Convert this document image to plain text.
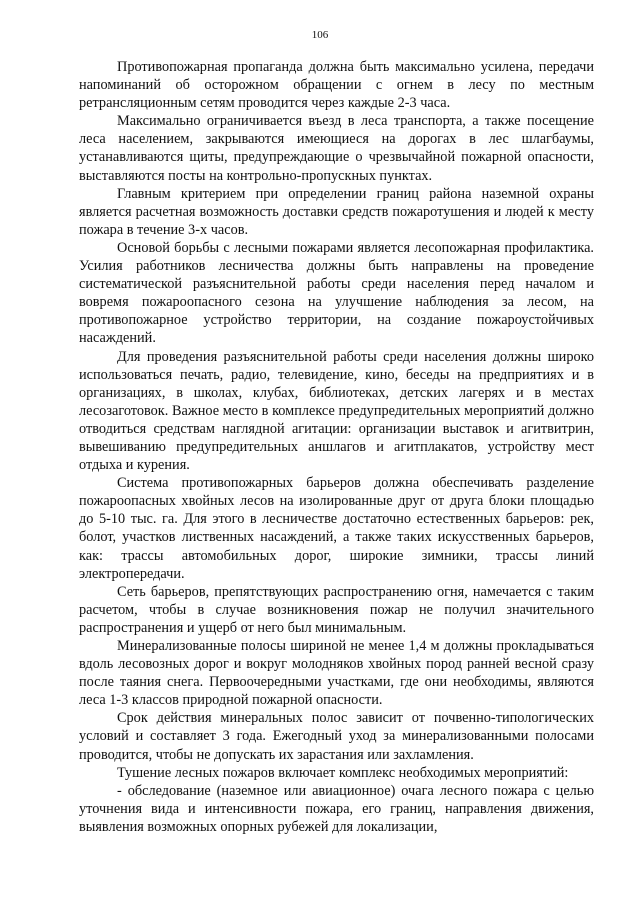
106

Противопожарная пропаганда должна быть максимально усилена, передачи напоминаний об осторожном обращении с огнем в лесу по местным ретрансляционным сетям проводится через каждые 2-3 часа.

Максимально ограничивается въезд в леса транспорта, а также посещение леса населением, закрываются имеющиеся на дорогах в лес шлагбаумы, устанавливаются щиты, предупреждающие о чрезвычайной пожарной опасности, выставляются посты на контрольно-пропускных пунктах.

Главным критерием при определении границ района наземной охраны является расчетная возможность доставки средств пожаротушения и людей к месту пожара в течение 3-х часов.

Основой борьбы с лесными пожарами является лесопожарная профилактика. Усилия работников лесничества должны быть направлены на проведение систематической разъяснительной работы среди населения перед началом и вовремя пожароопасного сезона на улучшение наблюдения за лесом, на противопожарное устройство территории, на создание пожароустойчивых насаждений.

Для проведения разъяснительной работы среди населения должны широко использоваться печать, радио, телевидение, кино, беседы на предприятиях и в организациях, в школах, клубах, библиотеках, детских лагерях и в местах лесозаготовок. Важное место в комплексе предупредительных мероприятий должно отводиться средствам наглядной агитации: организации выставок и агитвитрин, вывешиванию предупредительных аншлагов и агитплакатов, устройству мест отдыха и курения.

Система противопожарных барьеров должна обеспечивать разделение пожароопасных хвойных лесов на изолированные друг от друга блоки площадью до 5-10 тыс. га. Для этого в лесничестве достаточно естественных барьеров: рек, болот, участков лиственных насаждений, а также таких искусственных барьеров, как: трассы автомобильных дорог, широкие зимники, трассы линий электропередачи.

Сеть барьеров, препятствующих распространению огня, намечается с таким расчетом, чтобы в случае возникновения пожар не получил значительного распространения и ущерб от него был минимальным.

Минерализованные полосы шириной не менее 1,4 м должны прокладываться вдоль лесовозных дорог и вокруг молодняков хвойных пород ранней весной сразу после таяния снега. Первоочередными участками, где они необходимы, являются леса 1-3 классов природной пожарной опасности.

Срок действия минеральных полос зависит от почвенно-типологических условий и составляет 3 года. Ежегодный уход за минерализованными полосами проводится, чтобы не допускать их зарастания или захламления.

Тушение лесных пожаров включает комплекс необходимых мероприятий:

- обследование (наземное или авиационное) очага лесного пожара с целью уточнения вида и интенсивности пожара, его границ, направления движения, выявления возможных опорных рубежей для локализации,
